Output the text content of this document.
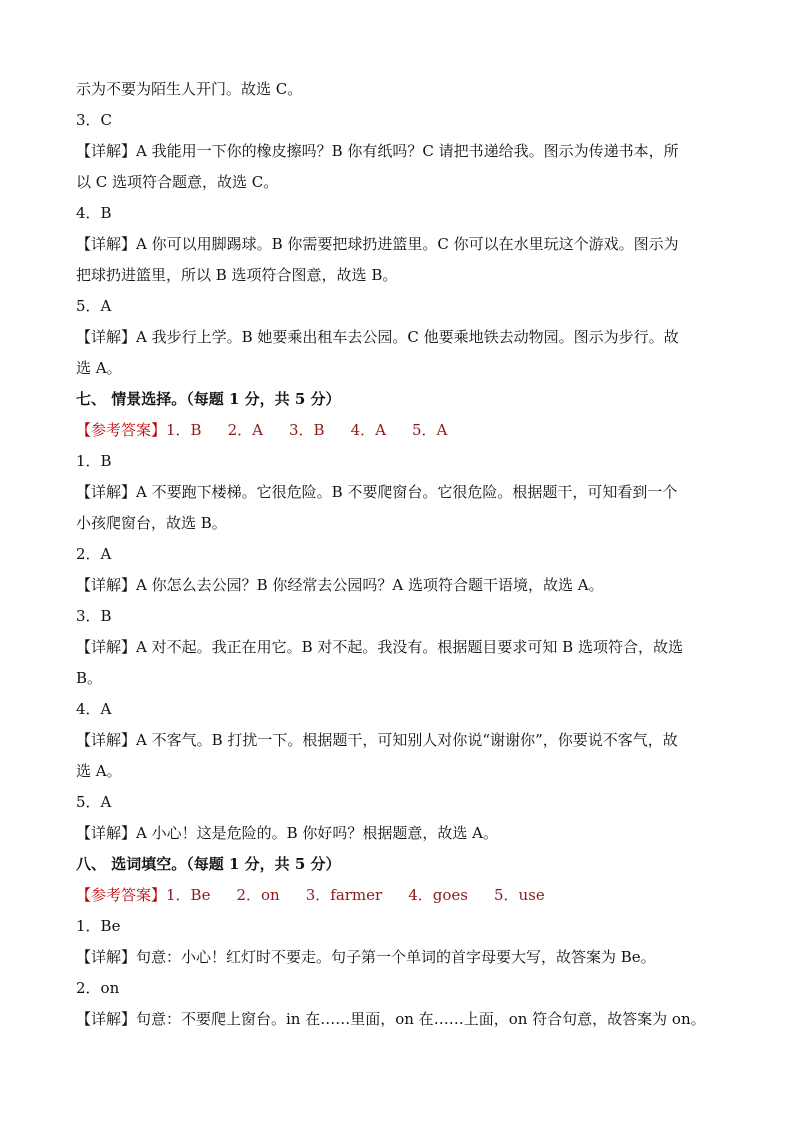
示为不要为陌生人开门。故选 C。
3．C
【详解】A 我能用一下你的橡皮擦吗？B 你有纸吗？C 请把书递给我。图示为传递书本，所
以 C 选项符合题意，故选 C。
4．B
【详解】A 你可以用脚踢球。B 你需要把球扔进篮里。C 你可以在水里玩这个游戏。图示为
把球扔进篮里，所以 B 选项符合图意，故选 B。
5．A
【详解】A 我步行上学。B 她要乘出租车去公园。C 他要乘地铁去动物园。图示为步行。故
选 A。
七、 情景选择。（每题 1 分，共 5 分）
【参考答案】1．B 2．A 3．B 4．A 5．A
1．B
【详解】A 不要跑下楼梯。它很危险。B 不要爬窗台。它很危险。根据题干，可知看到一个
小孩爬窗台，故选 B。
2．A
【详解】A 你怎么去公园？B 你经常去公园吗？A 选项符合题干语境，故选 A。
3．B
【详解】A 对不起。我正在用它。B 对不起。我没有。根据题目要求可知 B 选项符合，故选
B。
4．A
【详解】A 不客气。B 打扰一下。根据题干，可知别人对你说“谢谢你”，你要说不客气，故
选 A。
5．A
【详解】A 小心！这是危险的。B 你好吗？根据题意，故选 A。
八、 选词填空。（每题 1 分，共 5 分）
【参考答案】1．Be 2．on 3．farmer 4．goes 5．use
1．Be
【详解】句意：小心！红灯时不要走。句子第一个单词的首字母要大写，故答案为 Be。
2．on
【详解】句意：不要爬上窗台。in 在……里面，on 在……上面，on 符合句意，故答案为 on。
